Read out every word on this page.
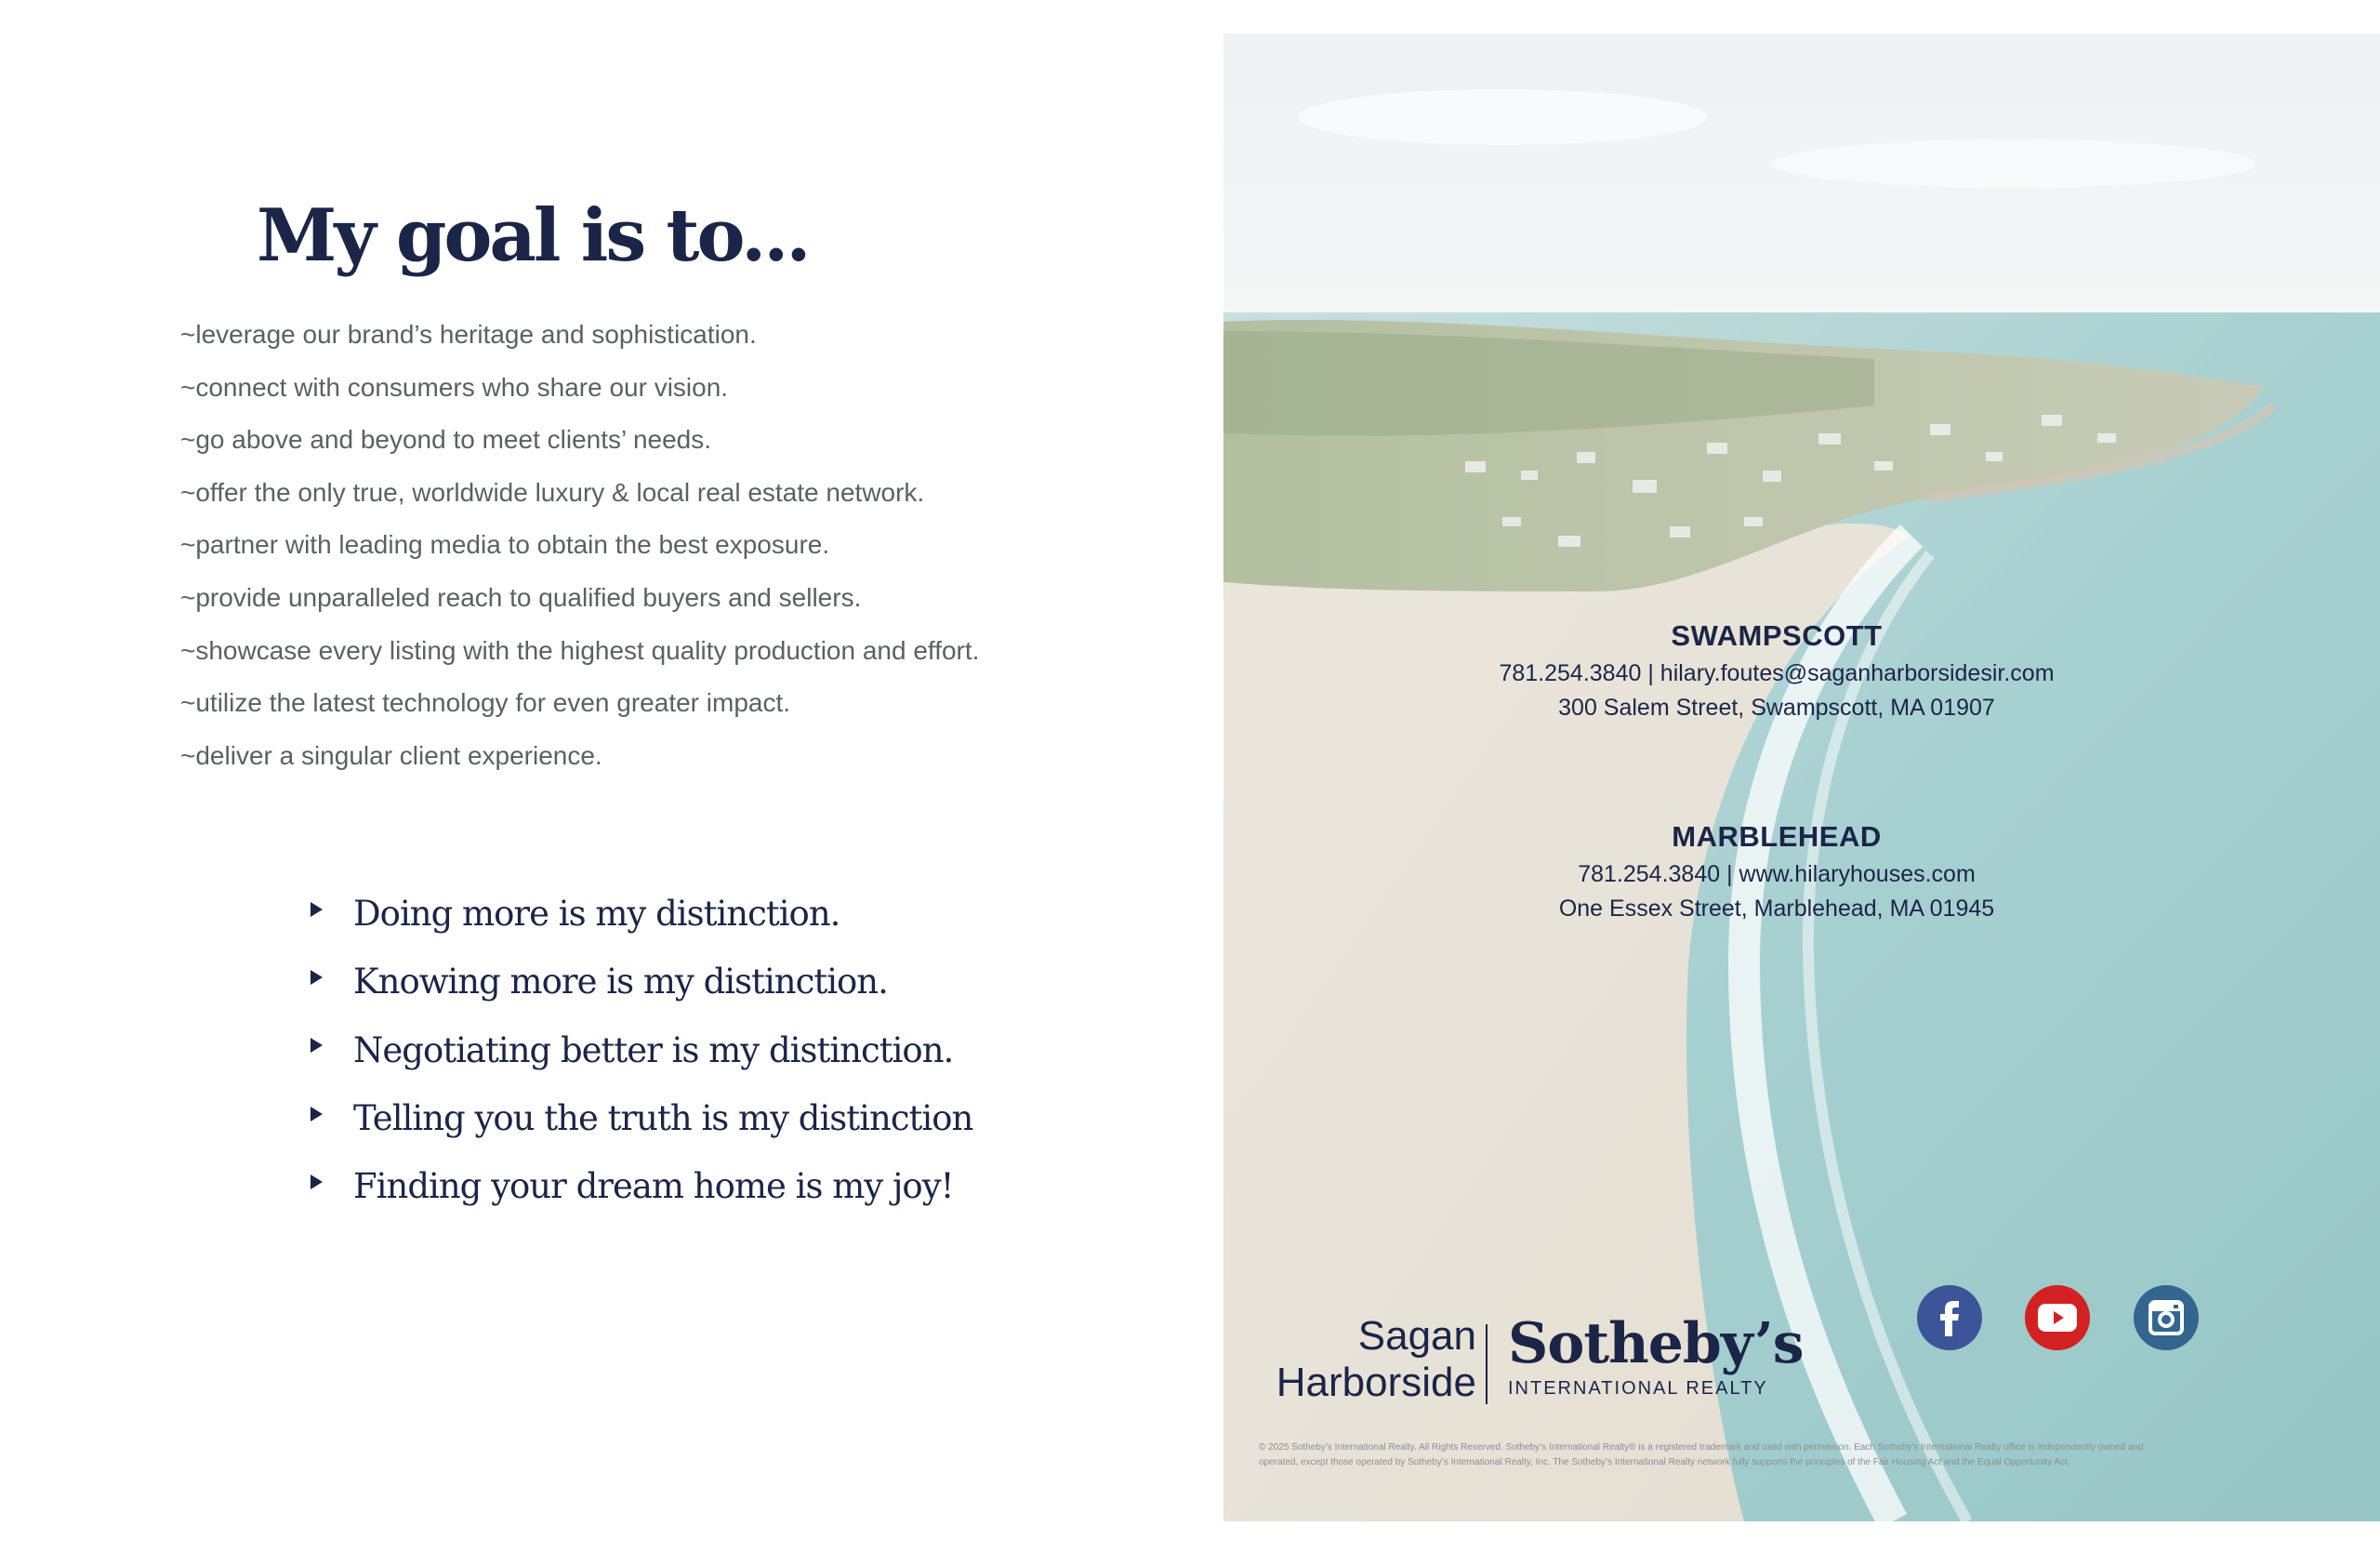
My goal is to...
~leverage our brand’s heritage and sophistication.
~connect with consumers who share our vision.
~go above and beyond to meet clients’ needs.
~offer the only true, worldwide luxury & local real estate network.
~partner with leading media to obtain the best exposure.
~provide unparalleled reach to qualified buyers and sellers.
~showcase every listing with the highest quality production and effort.
~utilize the latest technology for even greater impact.
~deliver a singular client experience.
Doing more is my distinction.
Knowing more is my distinction.
Negotiating better is my distinction.
Telling you the truth is my distinction
Finding your dream home is my joy!
SWAMPSCOTT
781.254.3840 | hilary.foutes@saganharborsidesir.com
300 Salem Street, Swampscott, MA 01907
MARBLEHEAD
781.254.3840 | www.hilaryhouses.com
One Essex Street, Marblehead, MA 01945
Sagan
Harborside
Sotheby’s
INTERNATIONAL REALTY
© 2025 Sotheby’s International Realty. All Rights Reserved. Sotheby’s International Realty® is a registered trademark and used with permission. Each Sotheby’s International Realty office is independently owned and
operated, except those operated by Sotheby’s International Realty, Inc. The Sotheby’s International Realty network fully supports the principles of the Fair Housing Act and the Equal Opportunity Act.
